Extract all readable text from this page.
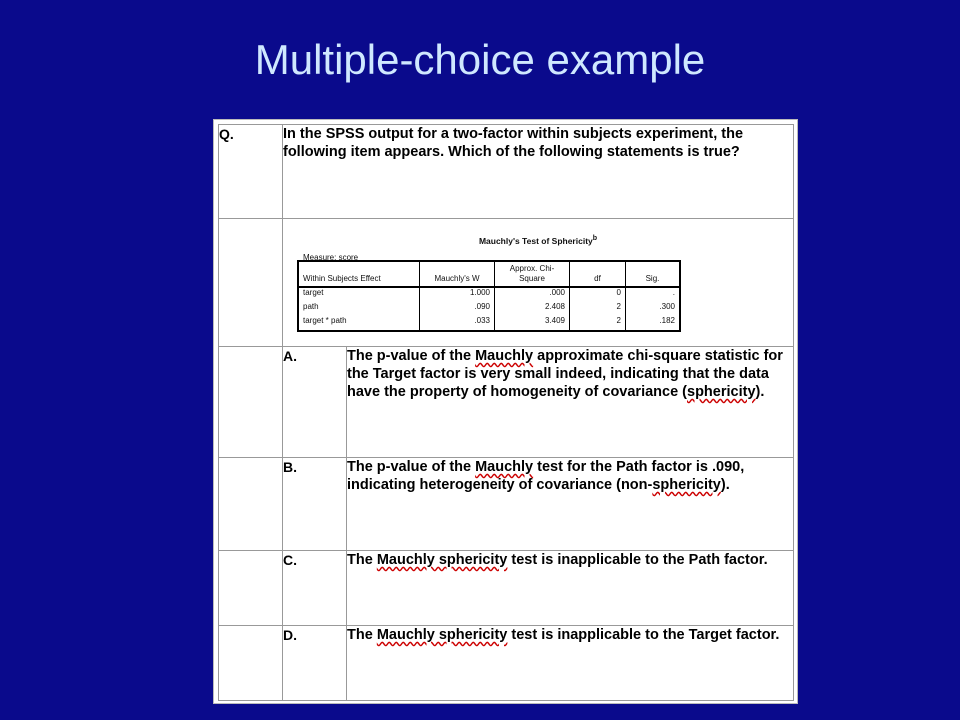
Multiple-choice example
Q.	In the SPSS output for a two-factor within subjects experiment, the following item appears. Which of the following statements is true?

Mauchly's Test of Sphericity$^b$
Measure: score
Within Subjects Effect	Mauchly's W	Approx. Chi-Square	df	Sig.
target	1.000	.000	0	.
path	.090	2.408	2	.300
target * path	.033	3.409	2	.182

	A.	The p-value of the Mauchly approximate chi-square statistic for the Target factor is very small indeed, indicating that the data have the property of homogeneity of covariance (sphericity).
	B.	The p-value of the Mauchly test for the Path factor is .090, indicating heterogeneity of covariance (non-sphericity).
	C.	The Mauchly sphericity test is inapplicable to the Path factor.
	D.	The Mauchly sphericity test is inapplicable to the Target factor.
